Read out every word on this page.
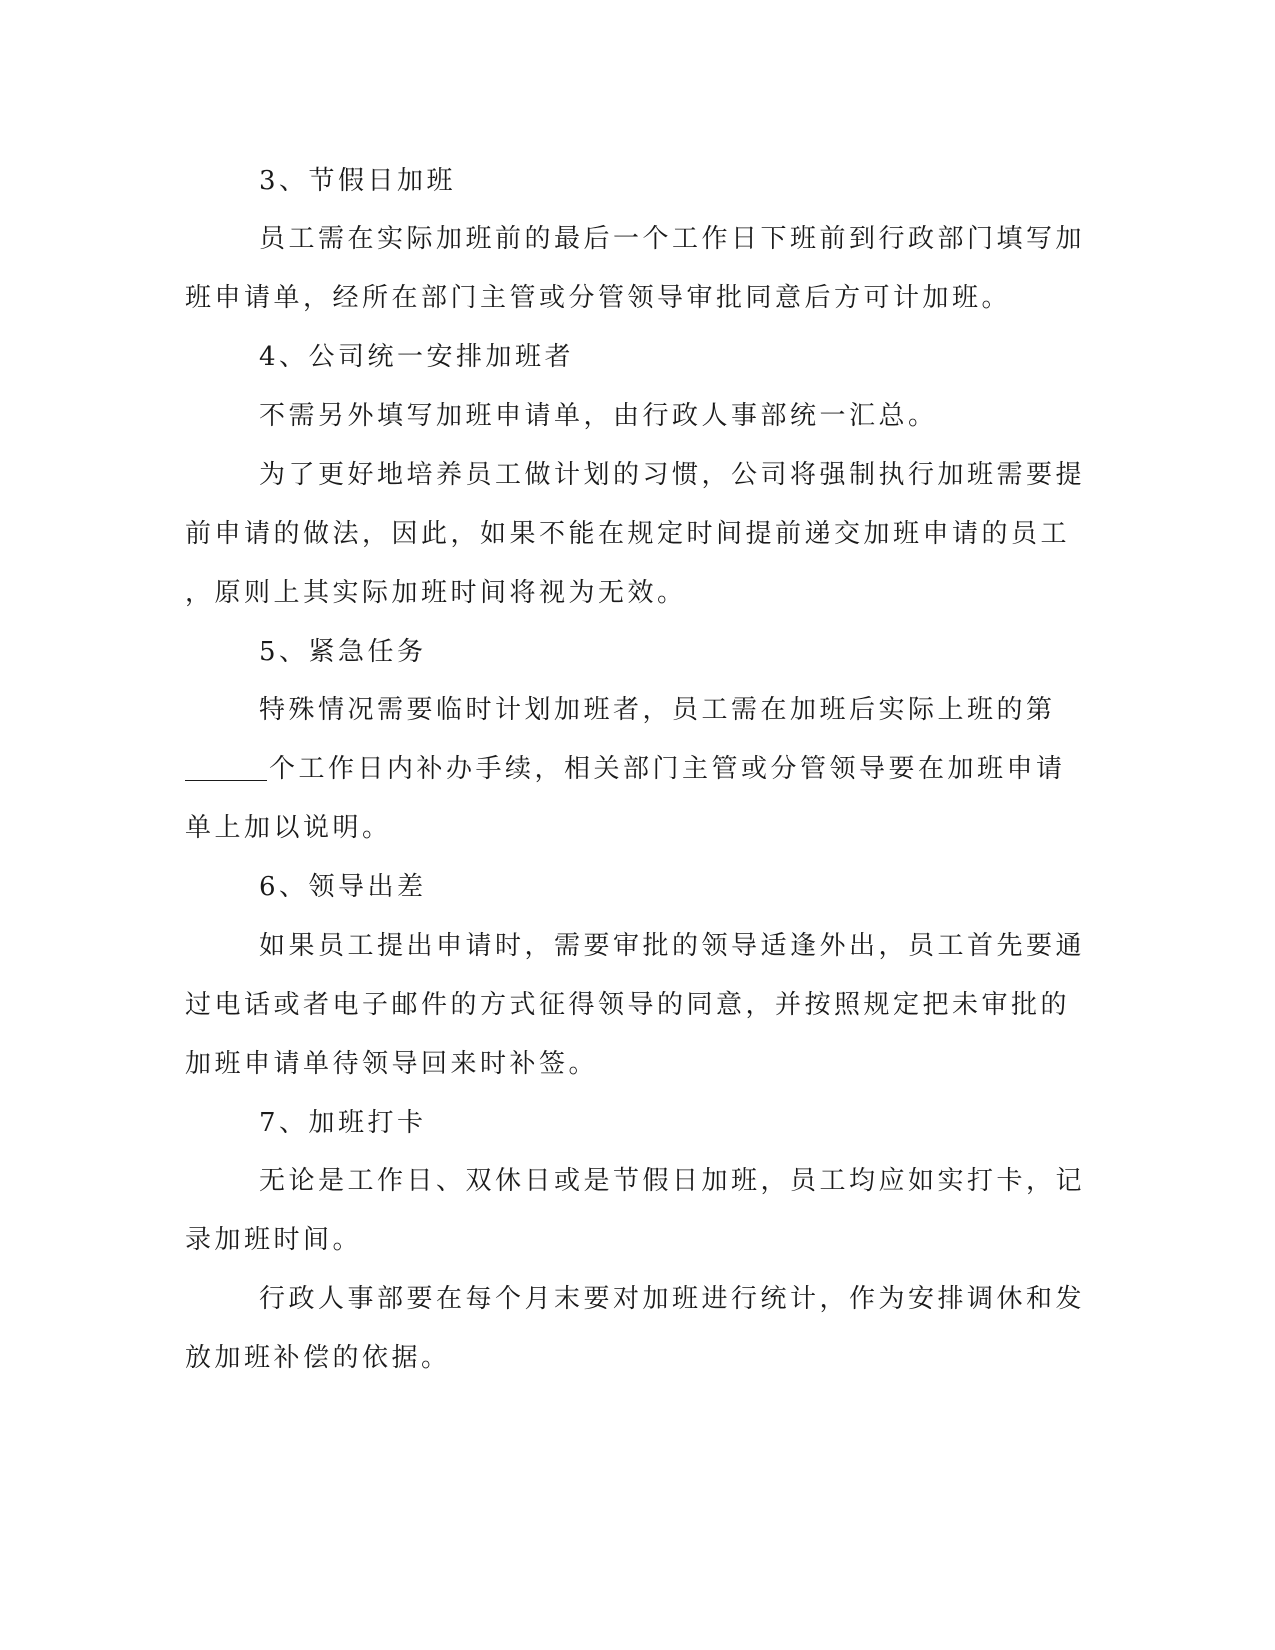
3、节假日加班
员工需在实际加班前的最后一个工作日下班前到行政部门填写加
班申请单，经所在部门主管或分管领导审批同意后方可计加班。
4、公司统一安排加班者
不需另外填写加班申请单，由行政人事部统一汇总。
为了更好地培养员工做计划的习惯，公司将强制执行加班需要提
前申请的做法，因此，如果不能在规定时间提前递交加班申请的员工
，原则上其实际加班时间将视为无效。
5、紧急任务
特殊情况需要临时计划加班者，员工需在加班后实际上班的第
个工作日内补办手续，相关部门主管或分管领导要在加班申请
单上加以说明。
6、领导出差
如果员工提出申请时，需要审批的领导适逢外出，员工首先要通
过电话或者电子邮件的方式征得领导的同意，并按照规定把未审批的
加班申请单待领导回来时补签。
7、加班打卡
无论是工作日、双休日或是节假日加班，员工均应如实打卡，记
录加班时间。
行政人事部要在每个月末要对加班进行统计，作为安排调休和发
放加班补偿的依据。
